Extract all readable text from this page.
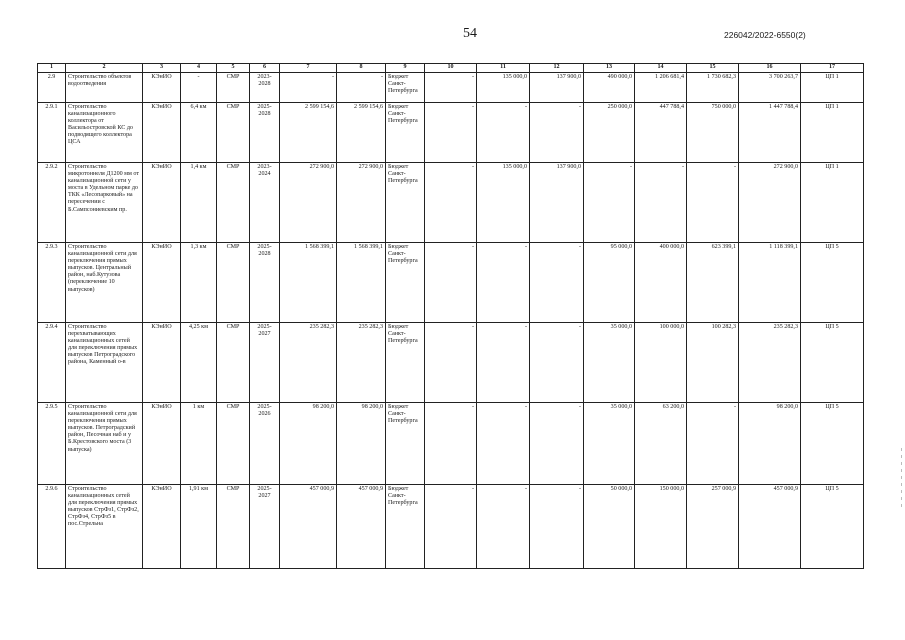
54	226042/2022-6550(2)
1	2	3	4	5	6	7	8	9	10	11	12	13	14	15	16	17
2.9	Строительство объектов водоотведения	КЭнИО	-	СМР	2023-2028	-	-	Бюджет Санкт-Петербурга	-	135 000,0	137 900,0	490 000,0	1 206 681,4	1 730 682,3	3 700 263,7	ЦП 1
2.9.1	Строительство канализационного коллектора от Васильостровской КС до подводящего коллектора ЦСА	КЭнИО	6,4 км	СМР	2025-2028	2 599 154,6	2 599 154,6	Бюджет Санкт-Петербурга	-	-	-	250 000,0	447 788,4	750 000,0	1 447 788,4	ЦП 1
2.9.2	Строительство микротоннеля Д1200 мм от канализационной сети у моста в Удельном парке до ТКК «Лесопарковый» на пересечении с Б.Сампсониевским пр.	КЭнИО	1,4 км	СМР	2023-2024	272 900,0	272 900,0	Бюджет Санкт-Петербурга	-	135 000,0	137 900,0	-	-	-	272 900,0	ЦП 1
2.9.3	Строительство канализационной сети для переключения прямых выпусков. Центральный район, наб.Кутузова (переключение 10 выпусков)	КЭнИО	1,3 км	СМР	2025-2028	1 568 399,1	1 568 399,1	Бюджет Санкт-Петербурга	-	-	-	95 000,0	400 000,0	623 399,1	1 118 399,1	ЦП 5
2.9.4	Строительство перехватывающих канализационных сетей для переключения прямых выпусков Петроградского района, Каменный о-в	КЭнИО	4,25 км	СМР	2025-2027	235 282,3	235 282,3	Бюджет Санкт-Петербурга	-	-	-	35 000,0	100 000,0	100 282,3	235 282,3	ЦП 5
2.9.5	Строительство канализационной сети для переключения прямых выпусков. Петроградский район, Песочная наб и у Б.Крестовского моста (3 выпуска)	КЭнИО	1 км	СМР	2025-2026	98 200,0	98 200,0	Бюджет Санкт-Петербурга	-	-	-	35 000,0	63 200,0	-	98 200,0	ЦП 5
2.9.6	Строительство канализационных сетей для переключения прямых выпусков СтрФз1, СтрФз2, СтрФз4, СтрФз5 в пос.Стрельна	КЭнИО	1,91 км	СМР	2025-2027	457 000,9	457 000,9	Бюджет Санкт-Петербурга	-	-	-	50 000,0	150 000,0	257 000,9	457 000,9	ЦП 5
